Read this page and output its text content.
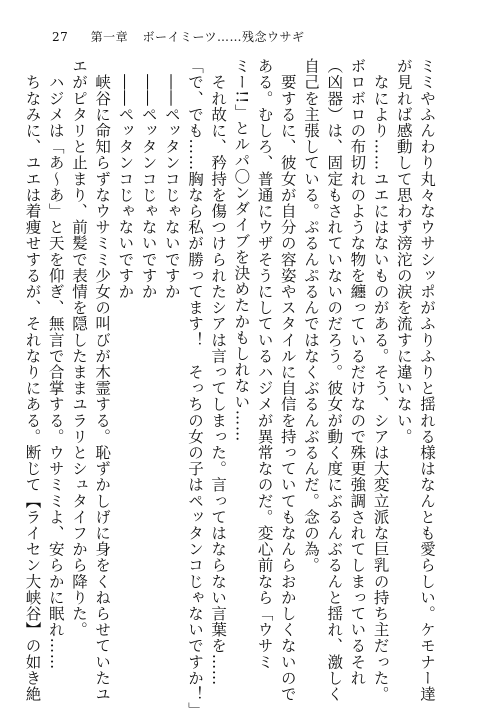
27 第一章 ボーイミーツ……残念ウサギ
ミミやふんわり丸々なウサシッポがふりふりと揺れる様はなんとも愛らしい。ケモナー達
が見れば感動して思わず滂沱の涙を流すに違いない。
　なにより……ユエにはないものがある。そう、シアは大変立派な巨乳の持ち主だった。
ボロボロの布切れのような物を纏っているだけなので殊更強調されてしまっているそれ
（凶器）は、固定もされていないのだろう。彼女が動く度にぶるんぶるんと揺れ、激しく
自己を主張している。ぷるんぷるんではなくぶるんぶるんだ。念の為。
　要するに、彼女が自分の容姿やスタイルに自信を持っていてもなんらおかしくないので
ある。むしろ、普通にウザそうにしているハジメが異常なのだ。変心前なら「ウサミ
ミー!!」とルパ〇ンダイブを決めたかもしれない……
　それ故に、矜持を傷つけられたシアは言ってしまった。言ってはならない言葉を……
「で、でも……胸なら私が勝ってます！　そっちの女の子はペッタンコじゃないですか！」
　――ペッタンコじゃないですか
　――ペッタンコじゃないですか
　――ペッタンコじゃないですか
　峡谷に命知らずなウサミミ少女の叫びが木霊する。恥ずかしげに身をくねらせていたユ
エがピタリと止まり、前髪で表情を隠したままユラリとシュタイフから降りた。
　ハジメは「あ～あ」と天を仰ぎ、無言で合掌する。ウサミミよ、安らかに眠れ……
　ちなみに、ユエは着痩せするが、それなりにある。断じて【ライセン大峡谷】の如き絶
